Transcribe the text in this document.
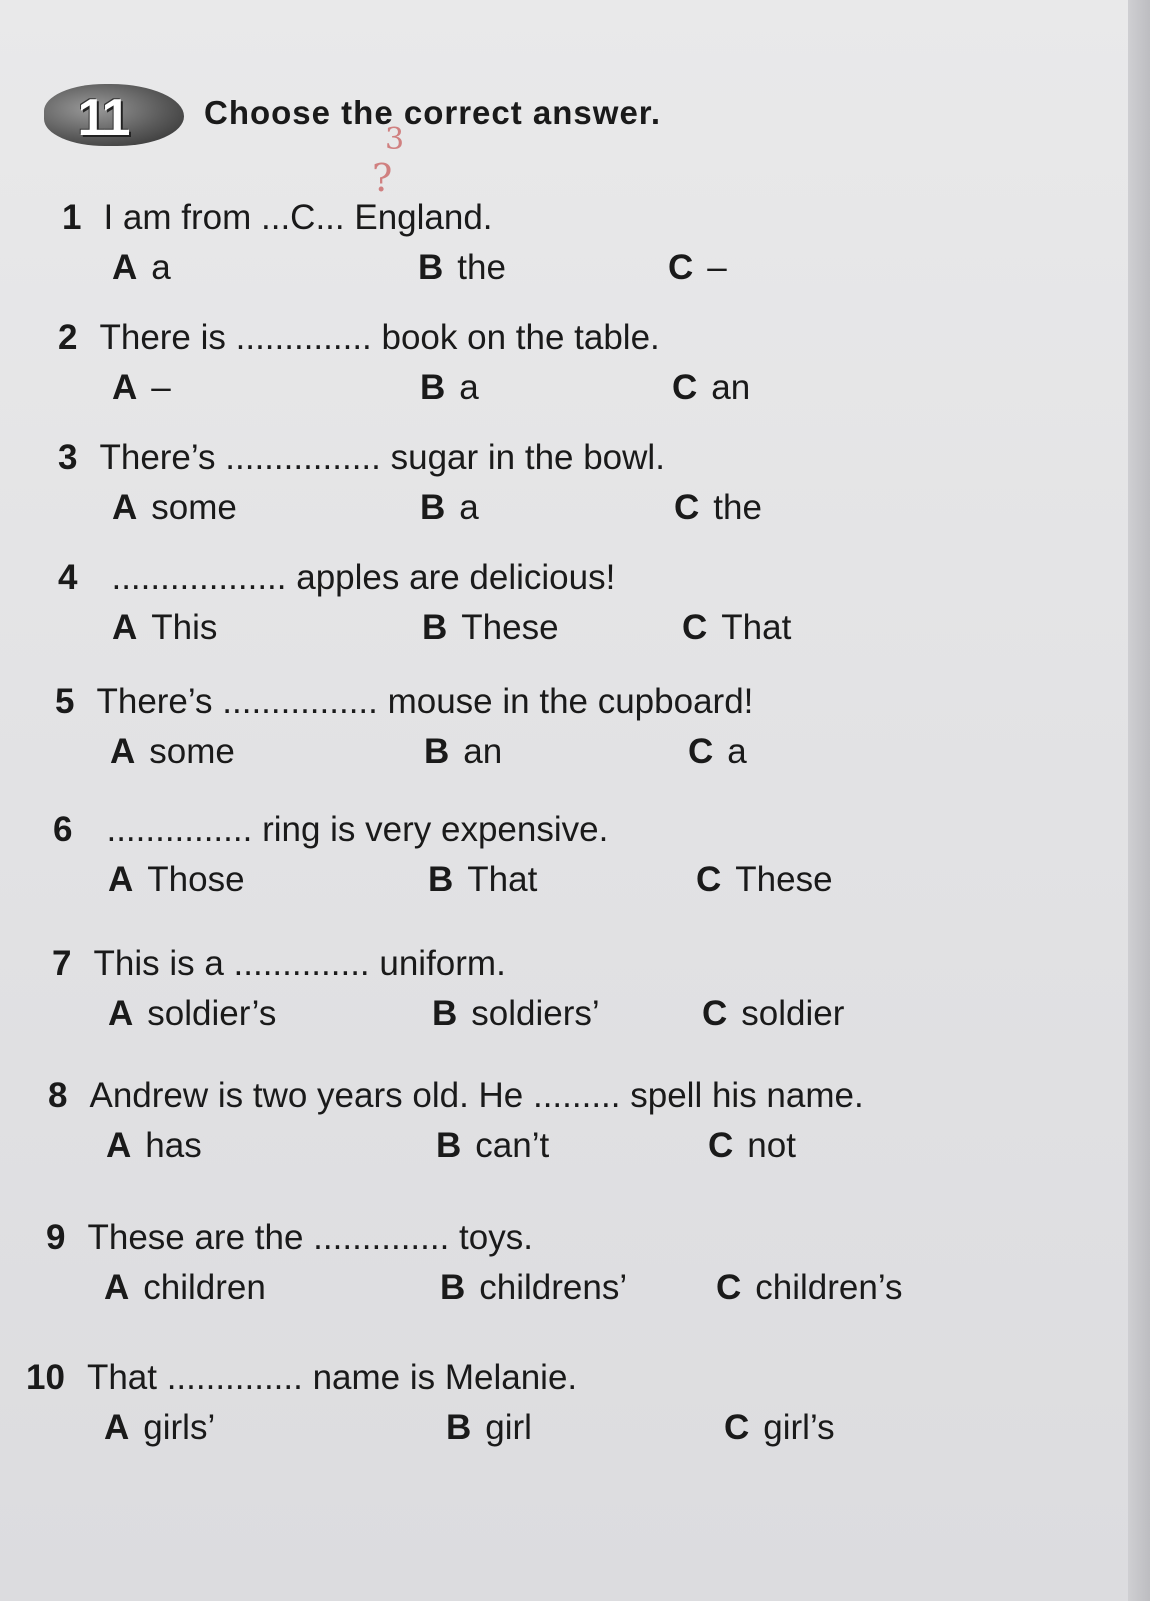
11	Choose the correct answer.
3
?
1 I am from ...C... England.
A a	B the	C –
2 There is .............. book on the table.
A –	B a	C an
3 There’s ................ sugar in the bowl.
A some	B a	C the
4 .................. apples are delicious!
A This	B These	C That
5 There’s ................ mouse in the cupboard!
A some	B an	C a
6 ............... ring is very expensive.
A Those	B That	C These
7 This is a .............. uniform.
A soldier’s	B soldiers’	C soldier
8 Andrew is two years old. He ......... spell his name.
A has	B can’t	C not
9 These are the .............. toys.
A children	B childrens’	C children’s
10 That .............. name is Melanie.
A girls’	B girl	C girl’s
